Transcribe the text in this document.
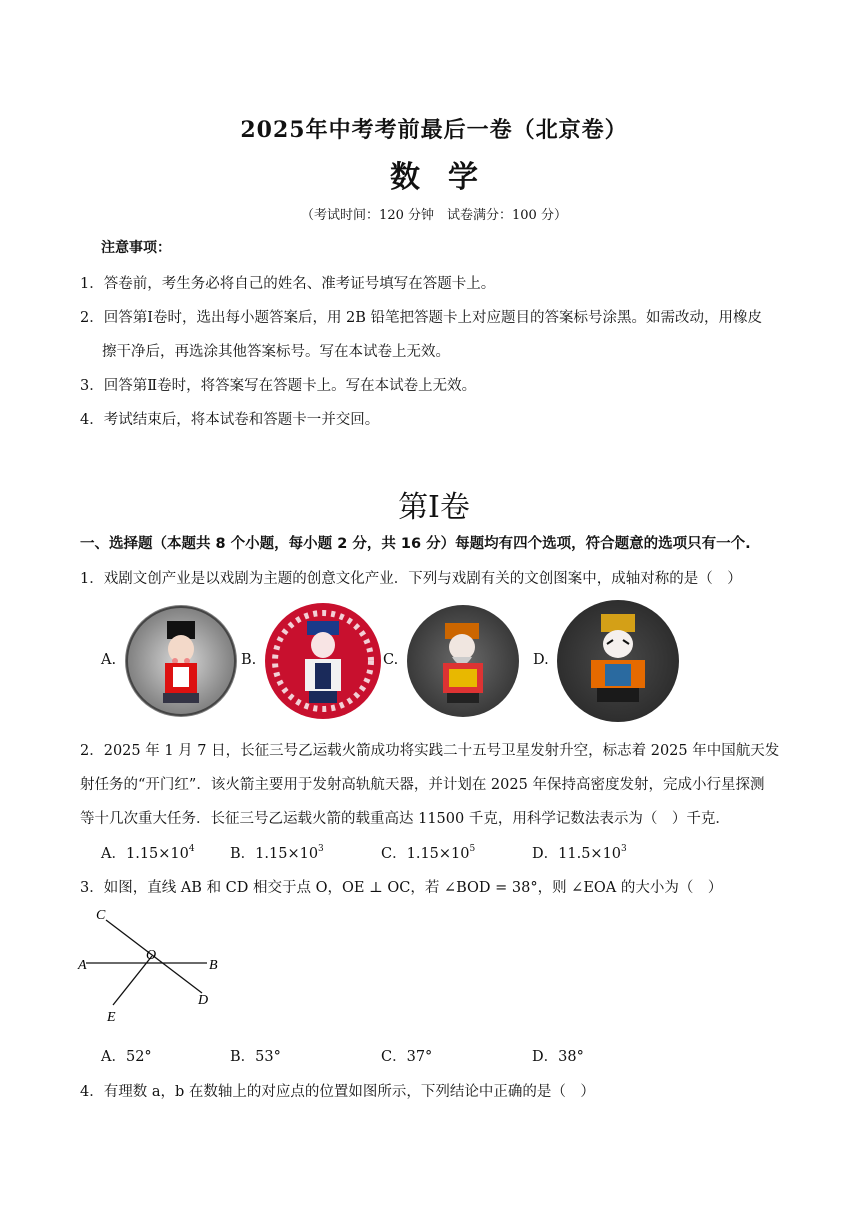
2025年中考考前最后一卷（北京卷）
数 学
（考试时间：120 分钟　试卷满分：100 分）
注意事项：
1．答卷前，考生务必将自己的姓名、准考证号填写在答题卡上。
2．回答第Ⅰ卷时，选出每小题答案后，用 2B 铅笔把答题卡上对应题目的答案标号涂黑。如需改动，用橡皮
擦干净后，再选涂其他答案标号。写在本试卷上无效。
3．回答第Ⅱ卷时，将答案写在答题卡上。写在本试卷上无效。
4．考试结束后，将本试卷和答题卡一并交回。
第Ⅰ卷
一、选择题（本题共 8 个小题，每小题 2 分，共 16 分）每题均有四个选项，符合题意的选项只有一个.
1．戏剧文创产业是以戏剧为主题的创意文化产业．下列与戏剧有关的文创图案中，成轴对称的是（　）
A.	B.	C.	D.
2．2025 年 1 月 7 日，长征三号乙运载火箭成功将实践二十五号卫星发射升空，标志着 2025 年中国航天发
射任务的“开门红”．该火箭主要用于发射高轨航天器，并计划在 2025 年保持高密度发射，完成小行星探测
等十几次重大任务．长征三号乙运载火箭的载重高达 11500 千克，用科学记数法表示为（　）千克．
A．$1.15\times 10^4$ B．$1.15\times 10^3$	C．$1.15\times 10^5$	D．$11.5\times 10^3$
3．如图，直线 AB 和 CD 相交于点 O，OE ⊥ OC，若 ∠BOD = 38°，则 ∠EOA 的大小为（　）
C
A
O
B
D
E
A．52°	B．53°	C．37°	D．38°
4．有理数 a，b 在数轴上的对应点的位置如图所示，下列结论中正确的是（　）
